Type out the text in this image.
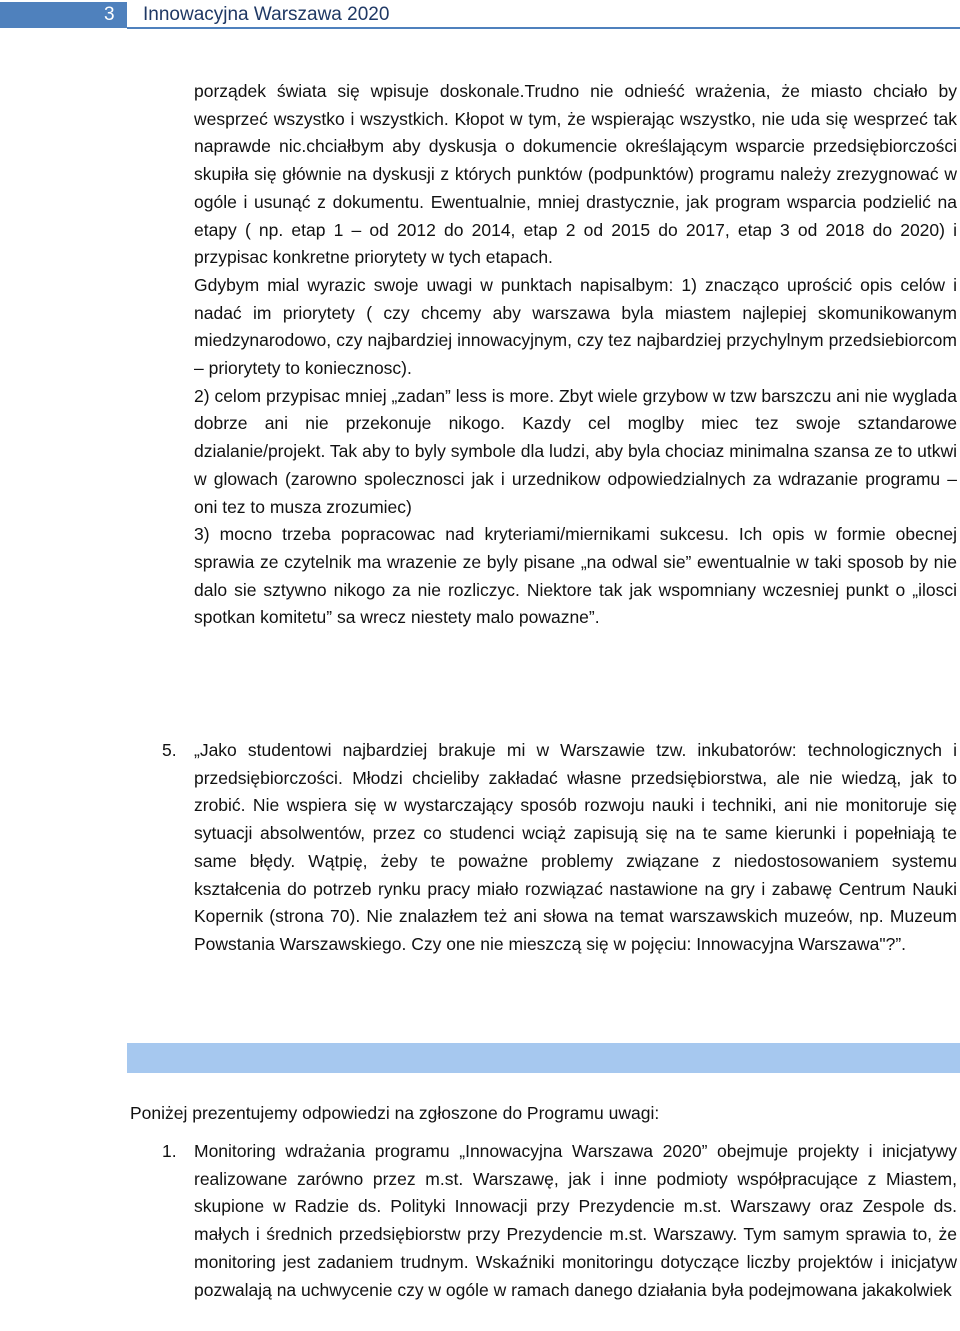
3 Innowacyjna Warszawa 2020

porządek świata się wpisuje doskonale.Trudno nie odnieść wrażenia, że miasto chciało by wesprzeć wszystko i wszystkich. Kłopot w tym, że wspierając wszystko, nie uda się wesprzeć tak naprawde nic.chciałbym aby dyskusja o dokumencie określającym wsparcie przedsiębiorczości skupiła się głównie na dyskusji z których punktów (podpunktów) programu należy zrezygnować w ogóle i usunąć z dokumentu. Ewentualnie, mniej drastycznie, jak program wsparcia podzielić na etapy ( np. etap 1 – od 2012 do 2014, etap 2 od 2015 do 2017, etap 3 od 2018 do 2020) i przypisac konkretne priorytety w tych etapach.

Gdybym mial wyrazic swoje uwagi w punktach napisalbym: 1) znacząco uprościć opis celów i nadać im priorytety ( czy chcemy aby warszawa byla miastem najlepiej skomunikowanym miedzynarodowo, czy najbardziej innowacyjnym, czy tez najbardziej przychylnym przedsiebiorcom – priorytety to koniecznosc).

2) celom przypisac mniej „zadan” less is more. Zbyt wiele grzybow w tzw barszczu ani nie wyglada dobrze ani nie przekonuje nikogo. Kazdy cel moglby miec tez swoje sztandarowe dzialanie/projekt. Tak aby to byly symbole dla ludzi, aby byla chociaz minimalna szansa ze to utkwi w glowach (zarowno spolecznosci jak i urzednikow odpowiedzialnych za wdrazanie programu – oni tez to musza zrozumiec)

3) mocno trzeba popracowac nad kryteriami/miernikami sukcesu. Ich opis w formie obecnej sprawia ze czytelnik ma wrazenie ze byly pisane „na odwal sie” ewentualnie w taki sposob by nie dalo sie sztywno nikogo za nie rozliczyc. Niektore tak jak wspomniany wczesniej punkt o „ilosci spotkan komitetu” sa wrecz niestety malo powazne”.

5. „Jako studentowi najbardziej brakuje mi w Warszawie tzw. inkubatorów: technologicznych i przedsiębiorczości. Młodzi chcieliby zakładać własne przedsiębiorstwa, ale nie wiedzą, jak to zrobić. Nie wspiera się w wystarczający sposób rozwoju nauki i techniki, ani nie monitoruje się sytuacji absolwentów, przez co studenci wciąż zapisują się na te same kierunki i popełniają te same błędy. Wątpię, żeby te poważne problemy związane z niedostosowaniem systemu kształcenia do potrzeb rynku pracy miało rozwiązać nastawione na gry i zabawę Centrum Nauki Kopernik (strona 70). Nie znalazłem też ani słowa na temat warszawskich muzeów, np. Muzeum Powstania Warszawskiego. Czy one nie mieszczą się w pojęciu: Innowacyjna Warszawa"?”.
Poniżej prezentujemy odpowiedzi na zgłoszone do Programu uwagi:
1. Monitoring wdrażania programu „Innowacyjna Warszawa 2020” obejmuje projekty i inicjatywy realizowane zarówno przez m.st. Warszawę, jak i inne podmioty współpracujące z Miastem, skupione w Radzie ds. Polityki Innowacji przy Prezydencie m.st. Warszawy oraz Zespole ds. małych i średnich przedsiębiorstw przy Prezydencie m.st. Warszawy. Tym samym sprawia to, że monitoring jest zadaniem trudnym. Wskaźniki monitoringu dotyczące liczby projektów i inicjatyw pozwalają na uchwycenie czy w ogóle w ramach danego działania była podejmowana jakakolwiek
